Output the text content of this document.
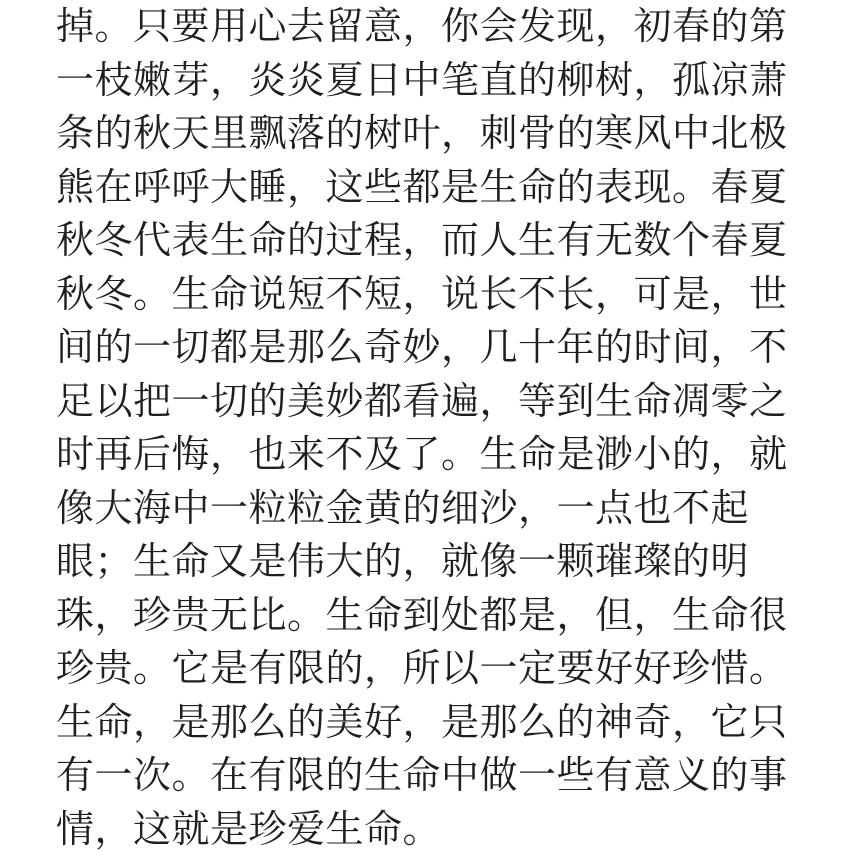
掉。只要用心去留意，你会发现，初春的第
一枝嫩芽，炎炎夏日中笔直的柳树，孤凉萧
条的秋天里飘落的树叶，刺骨的寒风中北极
熊在呼呼大睡，这些都是生命的表现。春夏
秋冬代表生命的过程，而人生有无数个春夏
秋冬。生命说短不短，说长不长，可是，世
间的一切都是那么奇妙，几十年的时间，不
足以把一切的美妙都看遍，等到生命凋零之
时再后悔，也来不及了。生命是渺小的，就
像大海中一粒粒金黄的细沙，一点也不起
眼；生命又是伟大的，就像一颗璀璨的明
珠，珍贵无比。生命到处都是，但，生命很
珍贵。它是有限的，所以一定要好好珍惜。
生命，是那么的美好，是那么的神奇，它只
有一次。在有限的生命中做一些有意义的事
情，这就是珍爱生命。
